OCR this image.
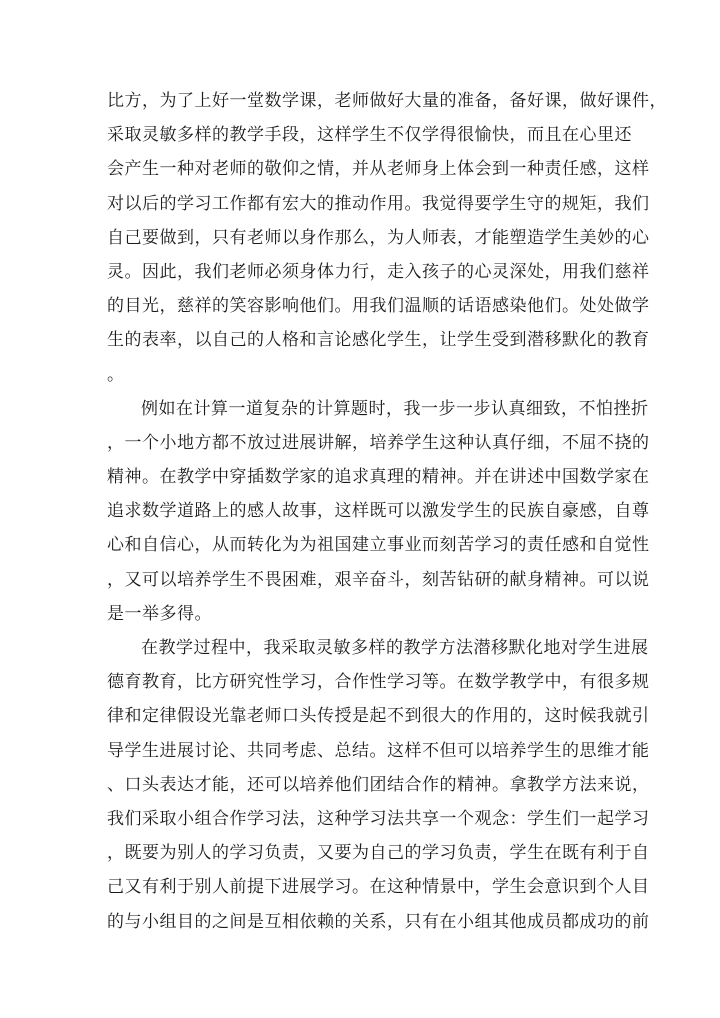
比方，为了上好一堂数学课，老师做好大量的准备，备好课，做好课件，
采取灵敏多样的教学手段，这样学生不仅学得很愉快，而且在心里还
会产生一种对老师的敬仰之情，并从老师身上体会到一种责任感，这样
对以后的学习工作都有宏大的推动作用。我觉得要学生守的规矩，我们
自己要做到，只有老师以身作那么，为人师表，才能塑造学生美妙的心
灵。因此，我们老师必须身体力行，走入孩子的心灵深处，用我们慈祥
的目光，慈祥的笑容影响他们。用我们温顺的话语感染他们。处处做学
生的表率，以自己的人格和言论感化学生，让学生受到潜移默化的教育
。
例如在计算一道复杂的计算题时，我一步一步认真细致，不怕挫折
，一个小地方都不放过进展讲解，培养学生这种认真仔细，不屈不挠的
精神。在教学中穿插数学家的追求真理的精神。并在讲述中国数学家在
追求数学道路上的感人故事，这样既可以激发学生的民族自豪感，自尊
心和自信心，从而转化为为祖国建立事业而刻苦学习的责任感和自觉性
，又可以培养学生不畏困难，艰辛奋斗，刻苦钻研的献身精神。可以说
是一举多得。
在教学过程中，我采取灵敏多样的教学方法潜移默化地对学生进展
德育教育，比方研究性学习，合作性学习等。在数学教学中，有很多规
律和定律假设光靠老师口头传授是起不到很大的作用的，这时候我就引
导学生进展讨论、共同考虑、总结。这样不但可以培养学生的思维才能
、口头表达才能，还可以培养他们团结合作的精神。拿教学方法来说，
我们采取小组合作学习法，这种学习法共享一个观念：学生们一起学习
，既要为别人的学习负责，又要为自己的学习负责，学生在既有利于自
己又有利于别人前提下进展学习。在这种情景中，学生会意识到个人目
的与小组目的之间是互相依赖的关系，只有在小组其他成员都成功的前
